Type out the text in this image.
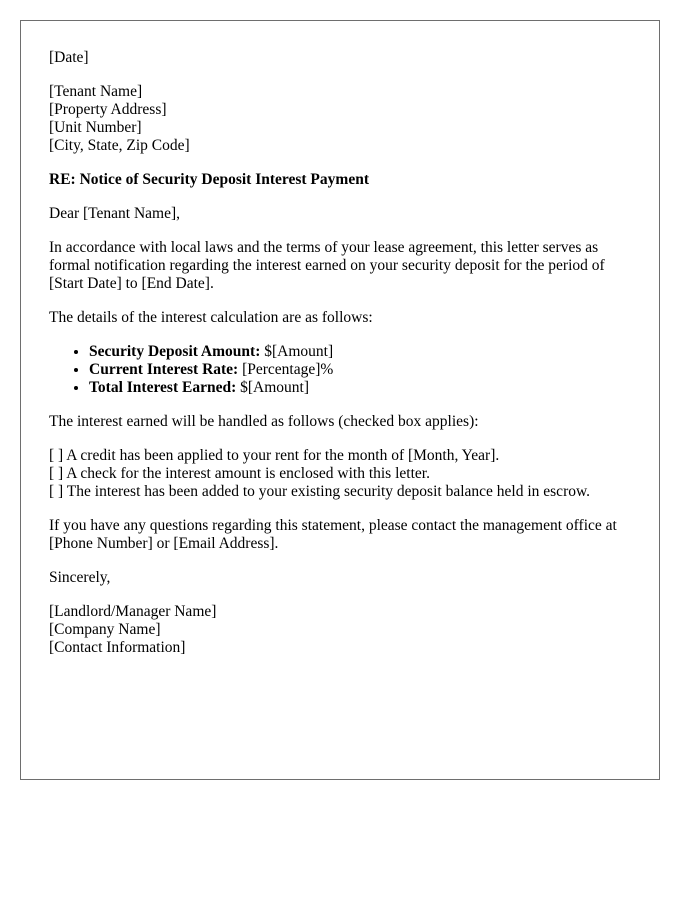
[Date]
[Tenant Name]
[Property Address]
[Unit Number]
[City, State, Zip Code]
RE: Notice of Security Deposit Interest Payment
Dear [Tenant Name],
In accordance with local laws and the terms of your lease agreement, this letter serves as formal notification regarding the interest earned on your security deposit for the period of [Start Date] to [End Date].
The details of the interest calculation are as follows:
• Security Deposit Amount: $[Amount]
• Current Interest Rate: [Percentage]%
• Total Interest Earned: $[Amount]
The interest earned will be handled as follows (checked box applies):
[ ] A credit has been applied to your rent for the month of [Month, Year].
[ ] A check for the interest amount is enclosed with this letter.
[ ] The interest has been added to your existing security deposit balance held in escrow.
If you have any questions regarding this statement, please contact the management office at [Phone Number] or [Email Address].
Sincerely,
[Landlord/Manager Name]
[Company Name]
[Contact Information]
